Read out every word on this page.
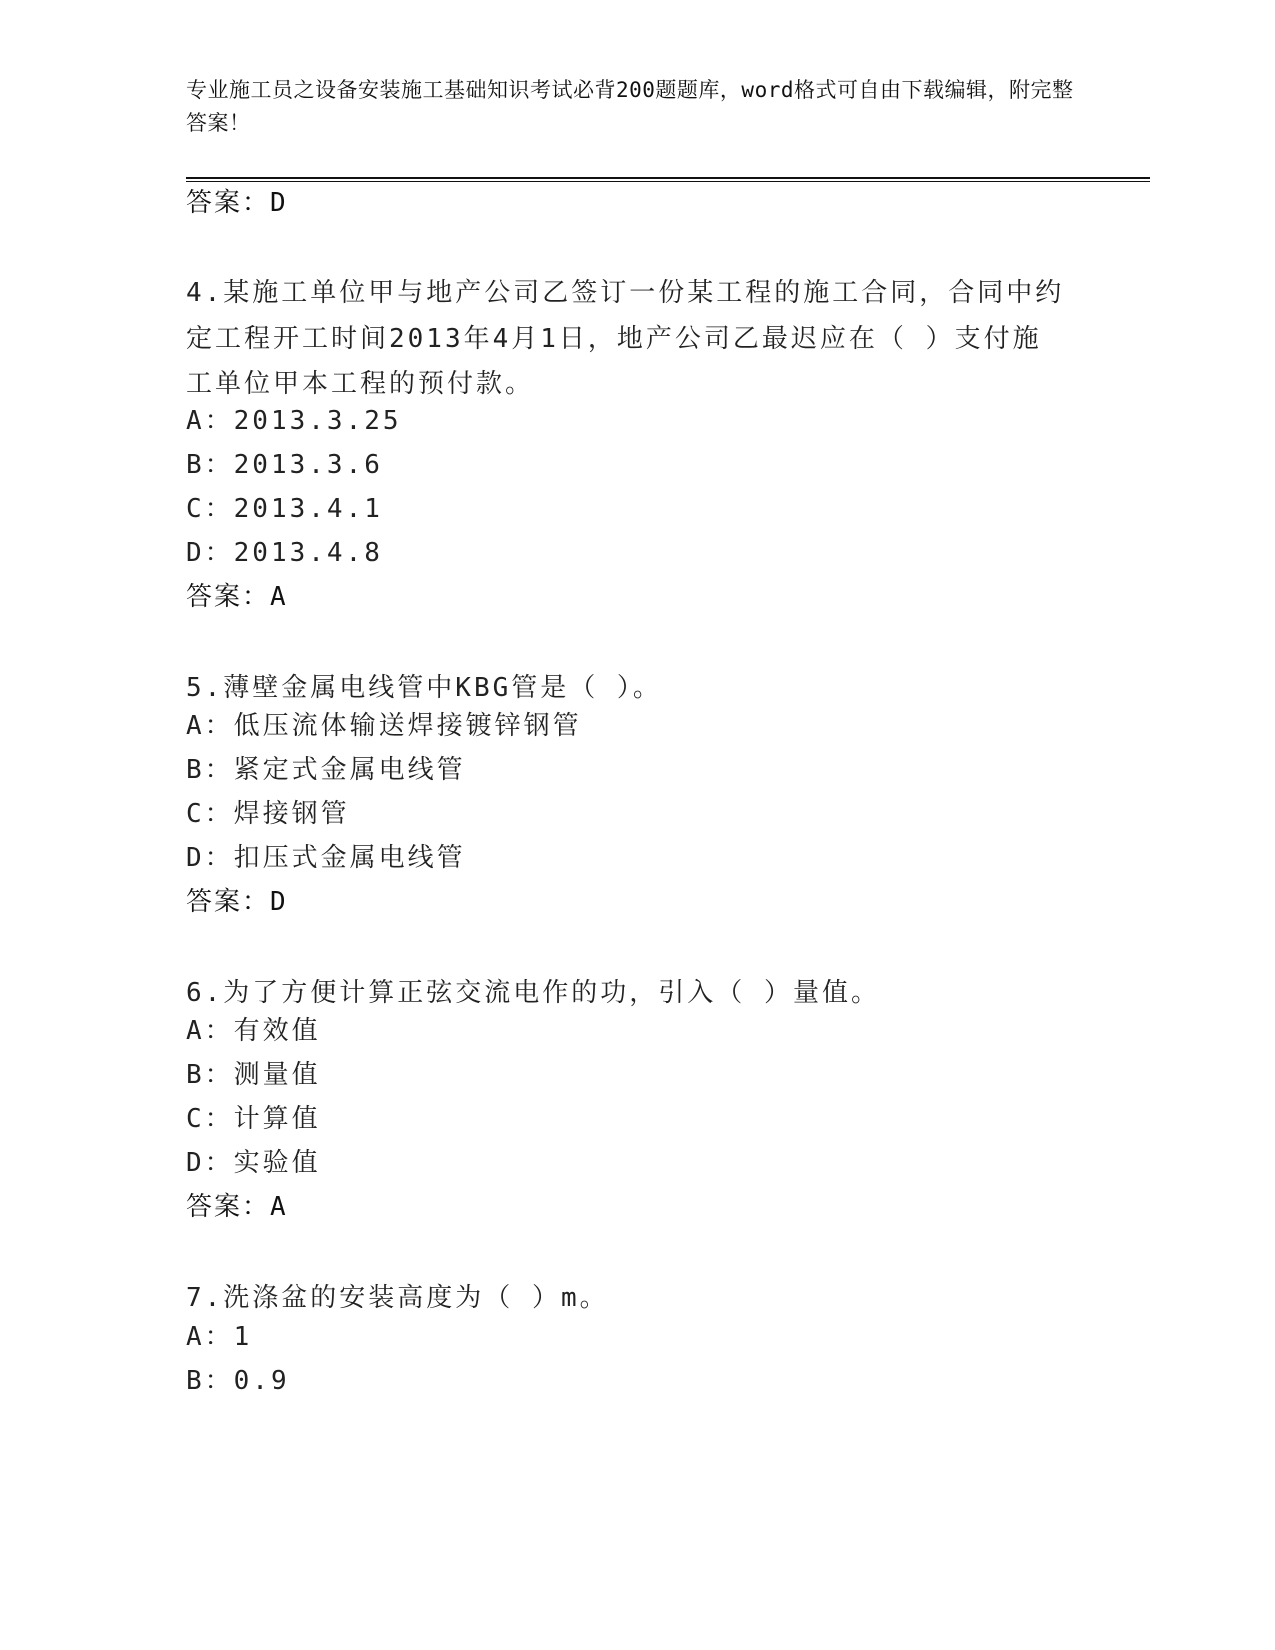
专业施工员之设备安装施工基础知识考试必背200题题库，word格式可自由下载编辑，附完整答案！
答案：D
4.某施工单位甲与地产公司乙签订一份某工程的施工合同，合同中约定工程开工时间2013年4月1日，地产公司乙最迟应在（ ）支付施工单位甲本工程的预付款。
A：2013.3.25
B：2013.3.6
C：2013.4.1
D：2013.4.8
答案：A
5.薄壁金属电线管中KBG管是（ ）。
A：低压流体输送焊接镀锌钢管
B：紧定式金属电线管
C：焊接钢管
D：扣压式金属电线管
答案：D
6.为了方便计算正弦交流电作的功，引入（ ）量值。
A：有效值
B：测量值
C：计算值
D：实验值
答案：A
7.洗涤盆的安装高度为（ ）m。
A：1
B：0.9
